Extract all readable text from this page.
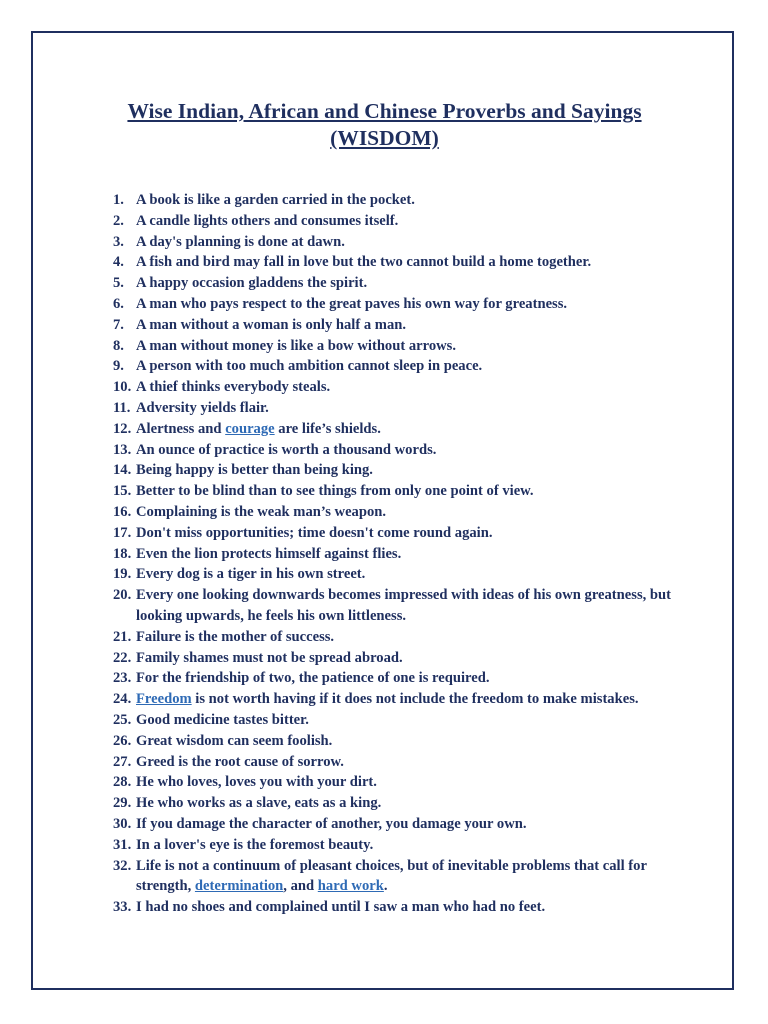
Wise Indian, African and Chinese Proverbs and Sayings
(WISDOM)
1. A book is like a garden carried in the pocket.
2. A candle lights others and consumes itself.
3. A day's planning is done at dawn.
4. A fish and bird may fall in love but the two cannot build a home together.
5. A happy occasion gladdens the spirit.
6. A man who pays respect to the great paves his own way for greatness.
7. A man without a woman is only half a man.
8. A man without money is like a bow without arrows.
9. A person with too much ambition cannot sleep in peace.
10. A thief thinks everybody steals.
11. Adversity yields flair.
12. Alertness and courage are life’s shields.
13. An ounce of practice is worth a thousand words.
14. Being happy is better than being king.
15. Better to be blind than to see things from only one point of view.
16. Complaining is the weak man’s weapon.
17. Don't miss opportunities; time doesn't come round again.
18. Even the lion protects himself against flies.
19. Every dog is a tiger in his own street.
20. Every one looking downwards becomes impressed with ideas of his own greatness, but looking upwards, he feels his own littleness.
21. Failure is the mother of success.
22. Family shames must not be spread abroad.
23. For the friendship of two, the patience of one is required.
24. Freedom is not worth having if it does not include the freedom to make mistakes.
25. Good medicine tastes bitter.
26. Great wisdom can seem foolish.
27. Greed is the root cause of sorrow.
28. He who loves, loves you with your dirt.
29. He who works as a slave, eats as a king.
30. If you damage the character of another, you damage your own.
31. In a lover's eye is the foremost beauty.
32. Life is not a continuum of pleasant choices, but of inevitable problems that call for strength, determination, and hard work.
33. I had no shoes and complained until I saw a man who had no feet.
